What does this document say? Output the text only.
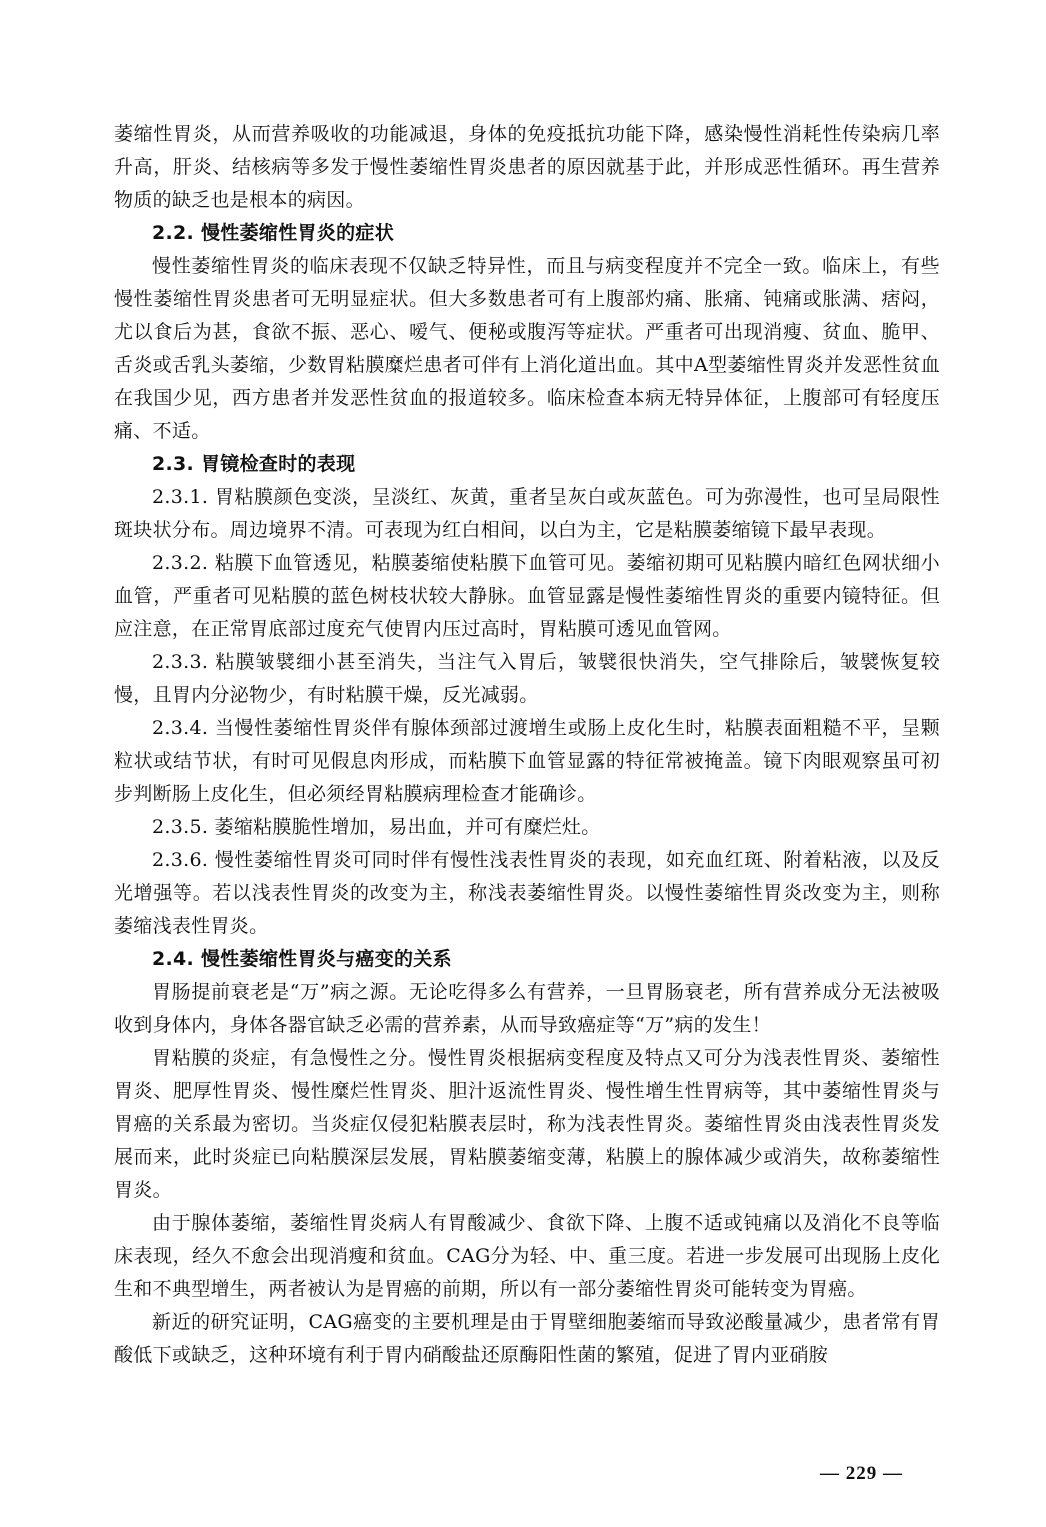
萎缩性胃炎，从而营养吸收的功能减退，身体的免疫抵抗功能下降，感染慢性消耗性传染病几率升高，肝炎、结核病等多发于慢性萎缩性胃炎患者的原因就基于此，并形成恶性循环。再生营养物质的缺乏也是根本的病因。

2.2. 慢性萎缩性胃炎的症状

慢性萎缩性胃炎的临床表现不仅缺乏特异性，而且与病变程度并不完全一致。临床上，有些慢性萎缩性胃炎患者可无明显症状。但大多数患者可有上腹部灼痛、胀痛、钝痛或胀满、痞闷，尤以食后为甚，食欲不振、恶心、嗳气、便秘或腹泻等症状。严重者可出现消瘦、贫血、脆甲、舌炎或舌乳头萎缩，少数胃粘膜糜烂患者可伴有上消化道出血。其中A型萎缩性胃炎并发恶性贫血在我国少见，西方患者并发恶性贫血的报道较多。临床检查本病无特异体征，上腹部可有轻度压痛、不适。

2.3. 胃镜检查时的表现

2.3.1. 胃粘膜颜色变淡，呈淡红、灰黄，重者呈灰白或灰蓝色。可为弥漫性，也可呈局限性斑块状分布。周边境界不清。可表现为红白相间，以白为主，它是粘膜萎缩镜下最早表现。

2.3.2. 粘膜下血管透见，粘膜萎缩使粘膜下血管可见。萎缩初期可见粘膜内暗红色网状细小血管，严重者可见粘膜的蓝色树枝状较大静脉。血管显露是慢性萎缩性胃炎的重要内镜特征。但应注意，在正常胃底部过度充气使胃内压过高时，胃粘膜可透见血管网。

2.3.3. 粘膜皱襞细小甚至消失，当注气入胃后，皱襞很快消失，空气排除后，皱襞恢复较慢，且胃内分泌物少，有时粘膜干燥，反光减弱。

2.3.4. 当慢性萎缩性胃炎伴有腺体颈部过渡增生或肠上皮化生时，粘膜表面粗糙不平，呈颗粒状或结节状，有时可见假息肉形成，而粘膜下血管显露的特征常被掩盖。镜下肉眼观察虽可初步判断肠上皮化生，但必须经胃粘膜病理检查才能确诊。

2.3.5. 萎缩粘膜脆性增加，易出血，并可有糜烂灶。

2.3.6. 慢性萎缩性胃炎可同时伴有慢性浅表性胃炎的表现，如充血红斑、附着粘液，以及反光增强等。若以浅表性胃炎的改变为主，称浅表萎缩性胃炎。以慢性萎缩性胃炎改变为主，则称萎缩浅表性胃炎。

2.4. 慢性萎缩性胃炎与癌变的关系

胃肠提前衰老是“万”病之源。无论吃得多么有营养，一旦胃肠衰老，所有营养成分无法被吸收到身体内，身体各器官缺乏必需的营养素，从而导致癌症等“万”病的发生！

胃粘膜的炎症，有急慢性之分。慢性胃炎根据病变程度及特点又可分为浅表性胃炎、萎缩性胃炎、肥厚性胃炎、慢性糜烂性胃炎、胆汁返流性胃炎、慢性增生性胃病等，其中萎缩性胃炎与胃癌的关系最为密切。当炎症仅侵犯粘膜表层时，称为浅表性胃炎。萎缩性胃炎由浅表性胃炎发展而来，此时炎症已向粘膜深层发展，胃粘膜萎缩变薄，粘膜上的腺体减少或消失，故称萎缩性胃炎。

由于腺体萎缩，萎缩性胃炎病人有胃酸减少、食欲下降、上腹不适或钝痛以及消化不良等临床表现，经久不愈会出现消瘦和贫血。CAG分为轻、中、重三度。若进一步发展可出现肠上皮化生和不典型增生，两者被认为是胃癌的前期，所以有一部分萎缩性胃炎可能转变为胃癌。

新近的研究证明，CAG癌变的主要机理是由于胃壁细胞萎缩而导致泌酸量减少，患者常有胃酸低下或缺乏，这种环境有利于胃内硝酸盐还原酶阳性菌的繁殖，促进了胃内亚硝胺

— 229 —
